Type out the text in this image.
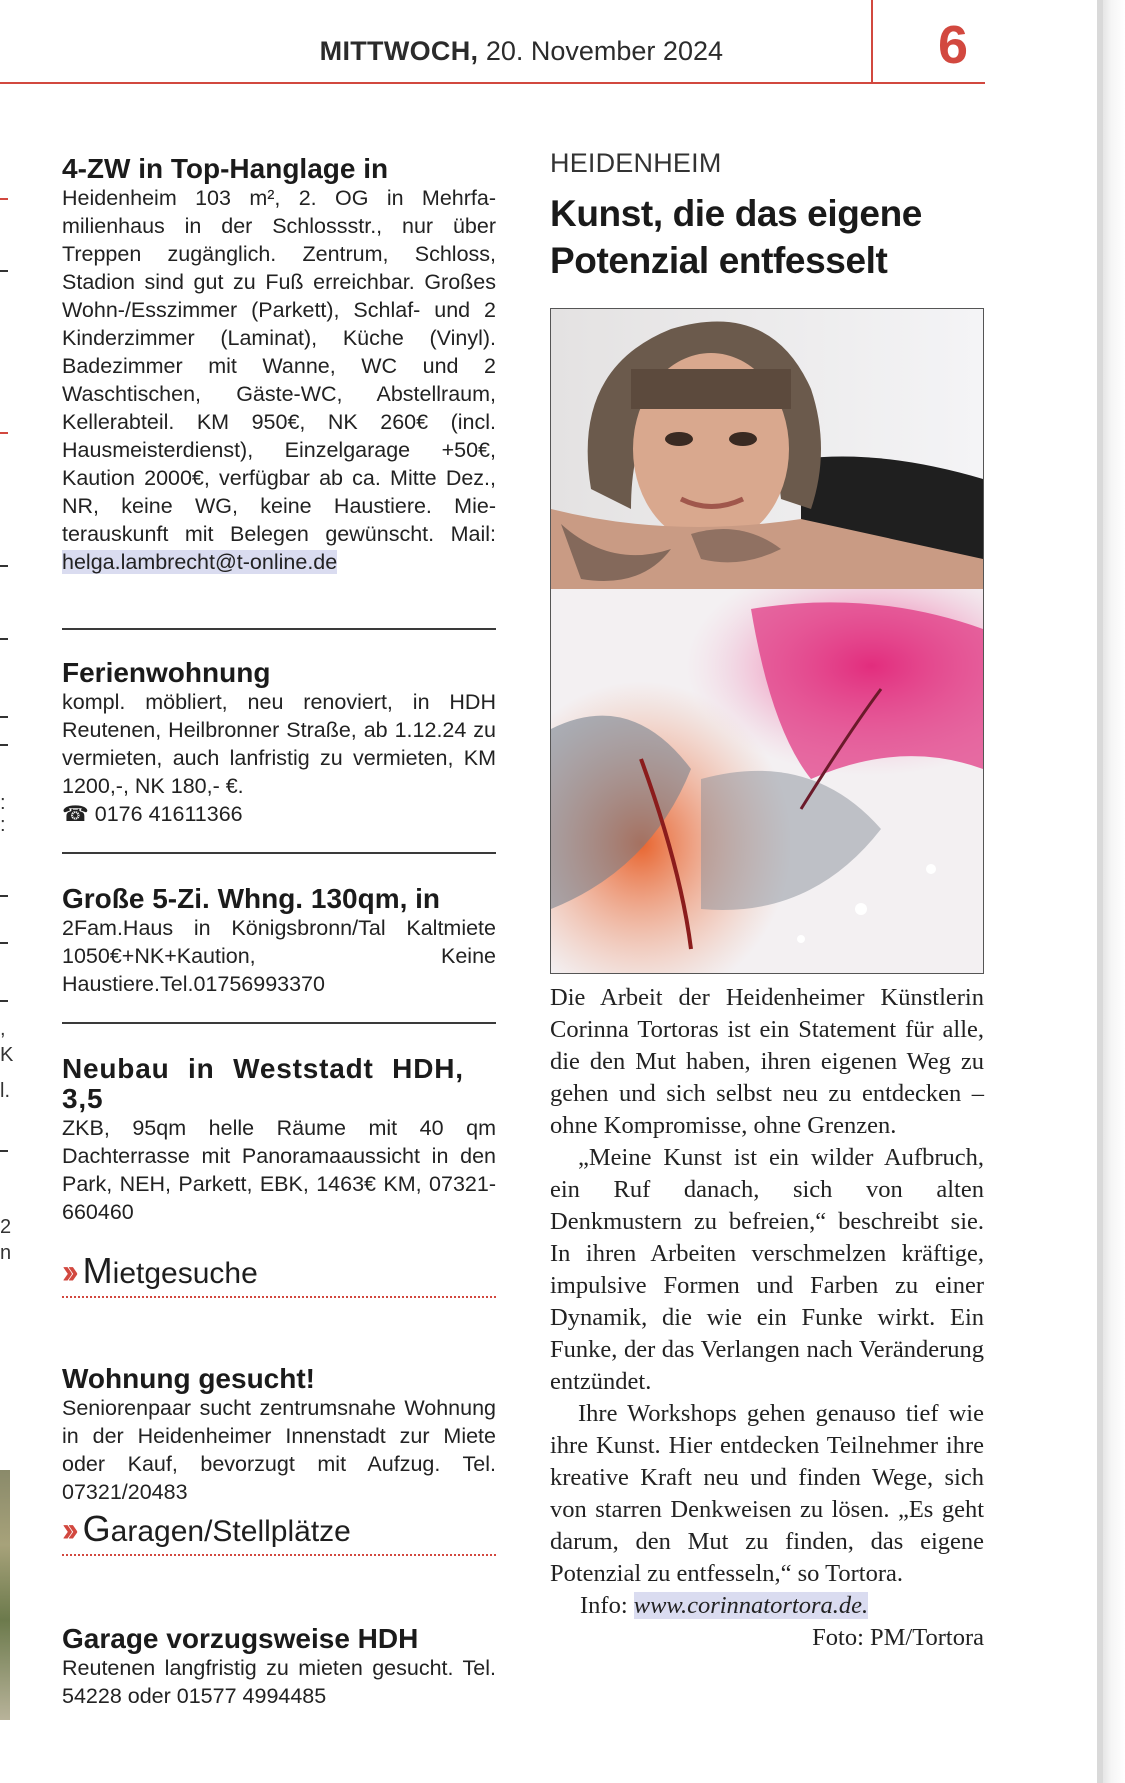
MITTWOCH, 20. November 2024	6
:
:
,
K
l.
2
n
4-ZW in Top-Hanglage in

Heidenheim 103 m², 2. OG in Mehrfamilienhaus in der Schlossstr., nur über Treppen zugänglich. Zentrum, Schloss, Stadion sind gut zu Fuß erreichbar. Großes Wohn-/Esszimmer (Parkett), Schlaf- und 2 Kinderzimmer (Laminat), Küche (Vinyl). Badezimmer mit Wanne, WC und 2 Waschtischen, Gäste-WC, Abstellraum, Kellerabteil. KM 950€, NK 260€ (incl. Hausmeisterdienst), Einzelgarage +50€, Kaution 2000€, verfügbar ab ca. Mitte Dez., NR, keine WG, keine Haustiere. Mieterauskunft mit Belegen gewünscht. Mail: helga.lambrecht@t-online.de

Ferienwohnung

kompl. möbliert, neu renoviert, in HDH Reutenen, Heilbronner Straße, ab 1.12.24 zu vermieten, auch lanfristig zu vermieten, KM 1200,-, NK 180,- €.
☎ 0176 41611366

Große 5-Zi. Whng. 130qm, in

2Fam.Haus in Königsbronn/Tal Kaltmiete 1050€+NK+Kaution, Keine Haustiere.Tel.01756993370

Neubau in Weststadt HDH, 3,5

ZKB, 95qm helle Räume mit 40 qm Dachterrasse mit Panoramaaussicht in den Park, NEH, Parkett, EBK, 1463€ KM, 07321-660460

›› Mietgesuche
Wohnung gesucht!

Seniorenpaar sucht zentrumsnahe Wohnung in der Heidenheimer Innenstadt zur Miete oder Kauf, bevorzugt mit Aufzug. Tel. 07321/20483

›› Garagen/Stellplätze
Garage vorzugsweise HDH

Reutenen langfristig zu mieten gesucht. Tel. 54228 oder 01577 4994485

HEIDENHEIM
Kunst, die das eigene Potenzial entfesselt

Die Arbeit der Heidenheimer Künstlerin Corinna Tortoras ist ein Statement für alle, die den Mut haben, ihren eigenen Weg zu gehen und sich selbst neu zu entdecken – ohne Kompromisse, ohne Grenzen.

„Meine Kunst ist ein wilder Aufbruch, ein Ruf danach, sich von alten Denkmustern zu befreien,“ beschreibt sie. In ihren Arbeiten verschmelzen kräftige, impulsive Formen und Farben zu einer Dynamik, die wie ein Funke wirkt. Ein Funke, der das Verlangen nach Veränderung entzündet.

Ihre Workshops gehen genauso tief wie ihre Kunst. Hier entdecken Teilnehmer ihre kreative Kraft neu und finden Wege, sich von starren Denkweisen zu lösen. „Es geht darum, den Mut zu finden, das eigene Potenzial zu entfesseln,“ so Tortora.

Info: www.corinnatortora.de.

Foto: PM/Tortora
